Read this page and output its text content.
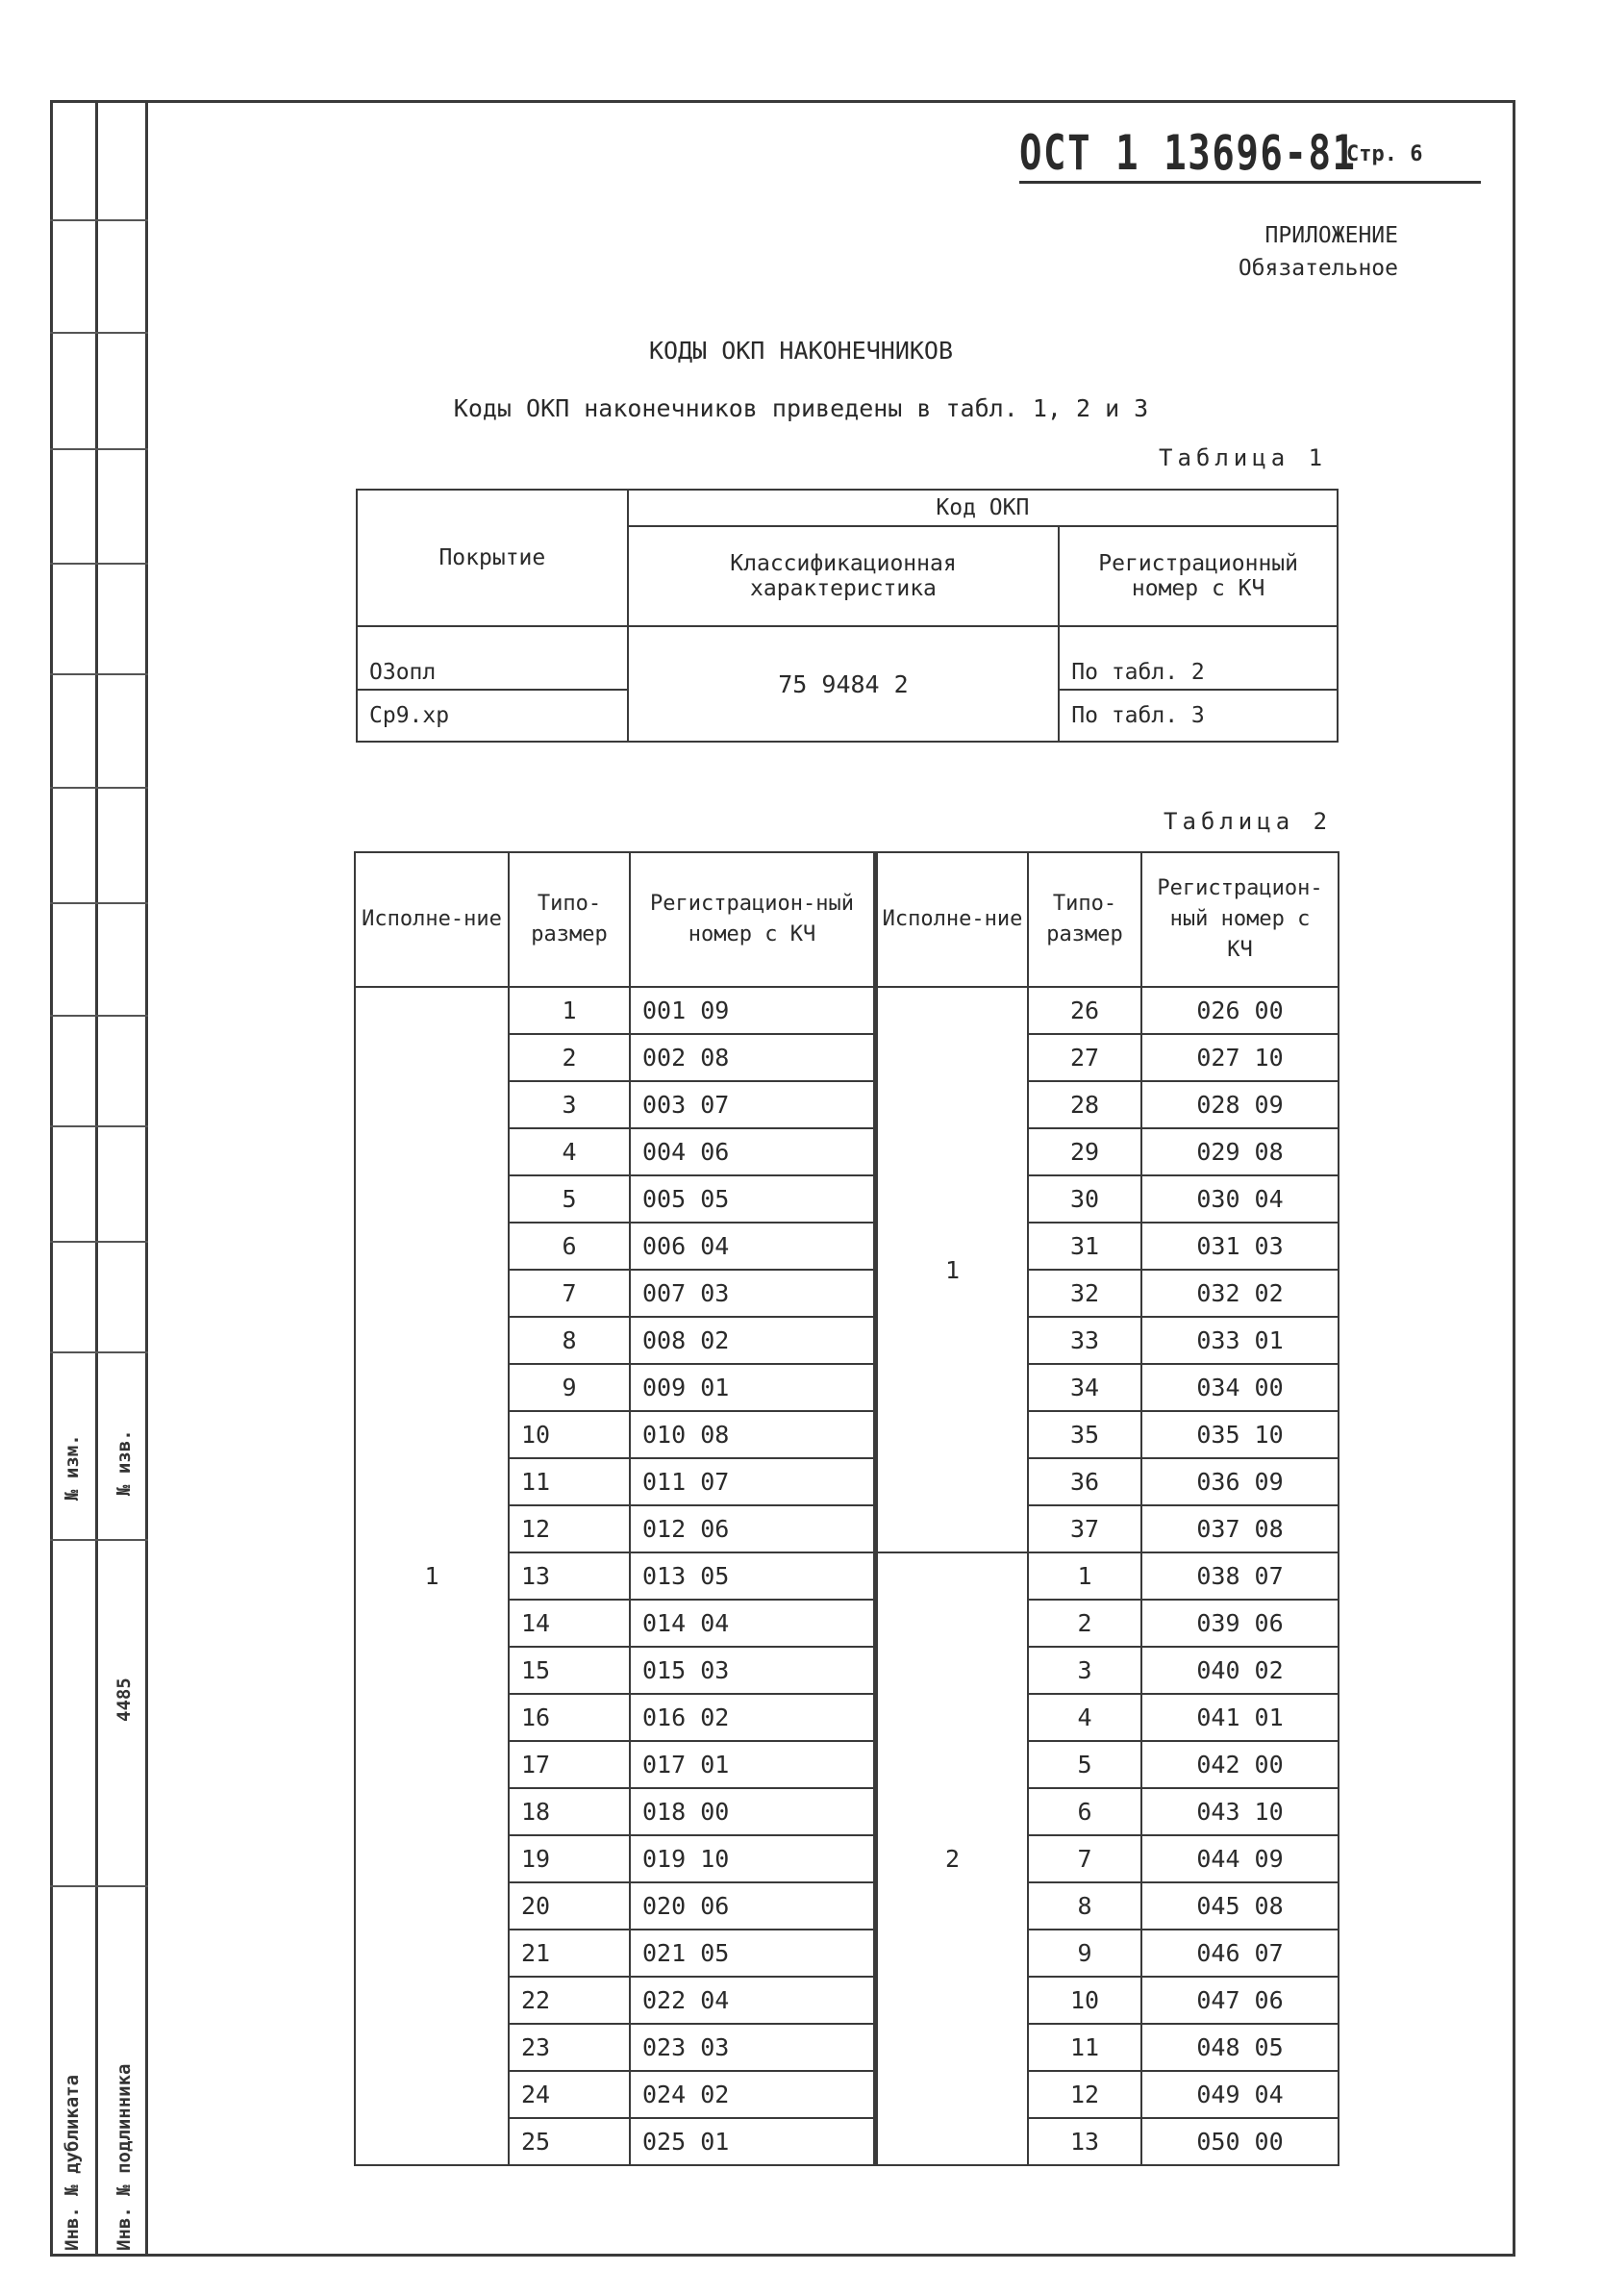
№ изм. № изв.
4485
Инв. № дубликата Инв. № подлинника
ОСТ 1 13696-81
Стр. 6
ПРИЛОЖЕНИЕ
Обязательное
КОДЫ ОКП НАКОНЕЧНИКОВ
Коды ОКП наконечников приведены в табл. 1, 2 и 3
Таблица 1
Покрытие	Код ОКП	
	Классификационная характеристика	Регистрационный номер с КЧ
О3опл	75 9484 2	По табл. 2
Ср9.хр		По табл. 3
Таблица 2
Исполне-ние	Типо-размер	Регистрацион-ный номер с КЧ	Исполне-ние	Типо-размер	Регистрацион-ный номер с КЧ
1	1	001 09	1	26	026 00
	2	002 08		27	027 10
	3	003 07		28	028 09
	4	004 06		29	029 08
	5	005 05		30	030 04
	6	006 04		31	031 03
	7	007 03		32	032 02
	8	008 02		33	033 01
	9	009 01		34	034 00
	10	010 08		35	035 10
	11	011 07		36	036 09
	12	012 06		37	037 08
	13	013 05	2	1	038 07
	14	014 04		2	039 06
	15	015 03		3	040 02
	16	016 02		4	041 01
	17	017 01		5	042 00
	18	018 00		6	043 10
	19	019 10		7	044 09
	20	020 06		8	045 08
	21	021 05		9	046 07
	22	022 04		10	047 06
	23	023 03		11	048 05
	24	024 02		12	049 04
	25	025 01		13	050 00
